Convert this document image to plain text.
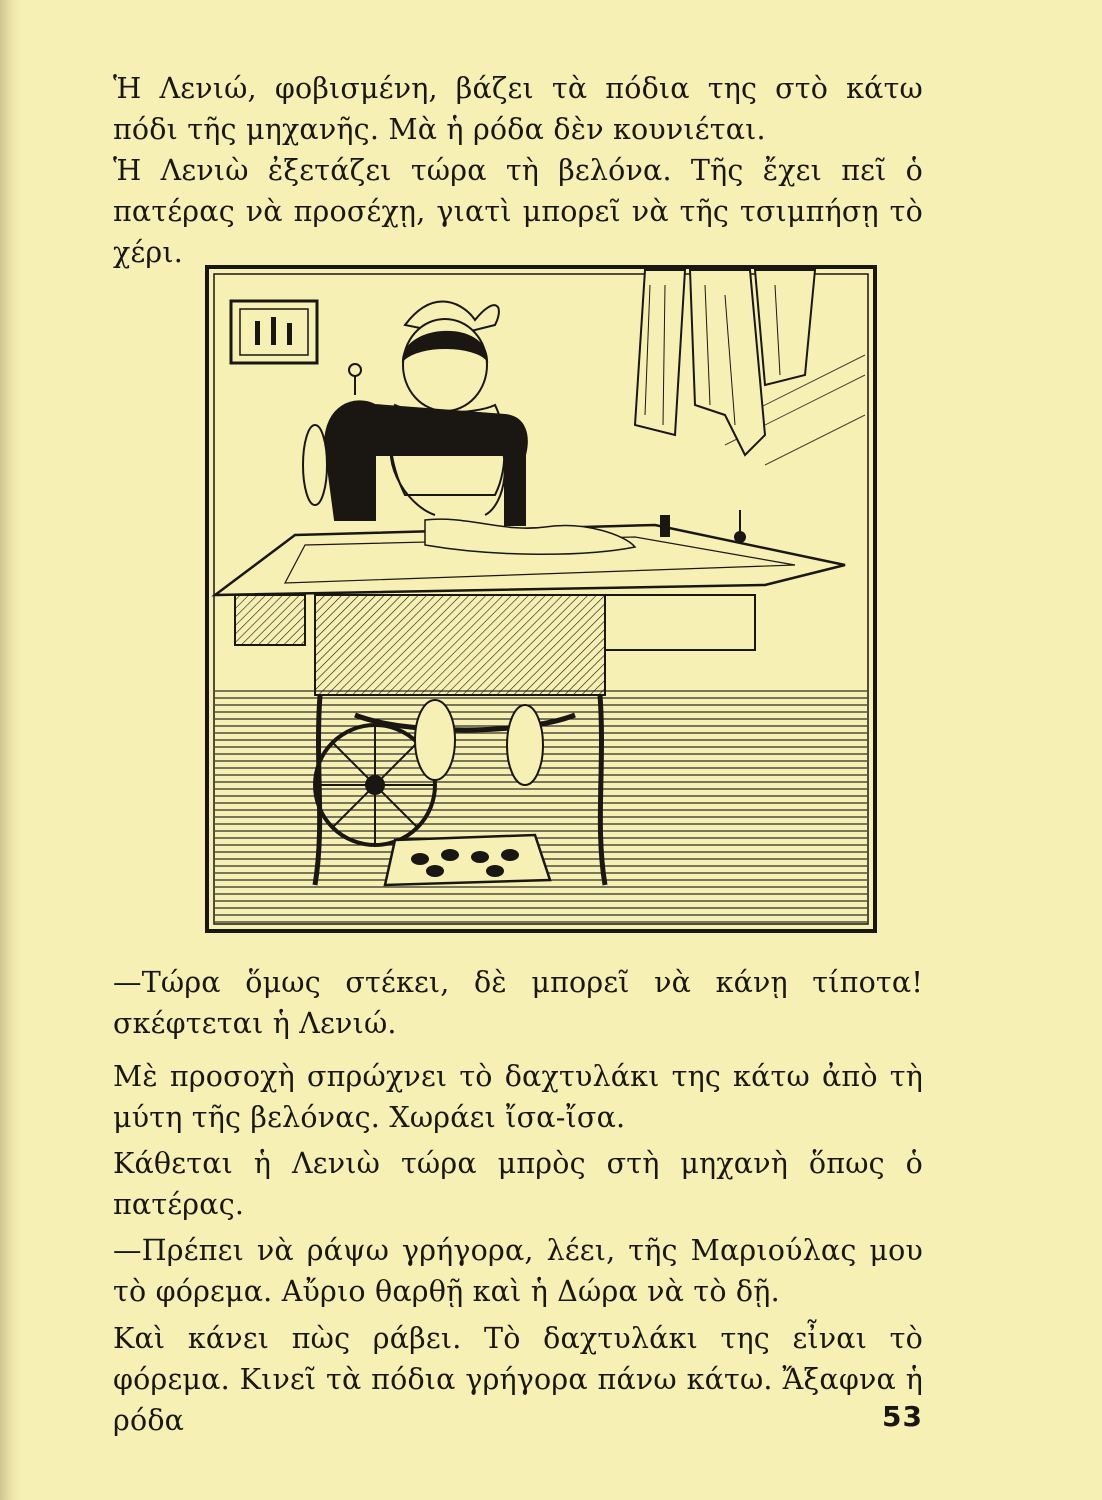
Ἡ Λενιώ, φοβισμένη, βάζει τὰ πόδια της στὸ κάτω πόδι τῆς μηχανῆς. Μὰ ἡ ρόδα δὲν κουνιέται.

Ἡ Λενιὼ ἐξετάζει τώρα τὴ βελόνα. Τῆς ἔχει πεῖ ὁ πατέρας νὰ προσέχῃ, γιατὶ μπορεῖ νὰ τῆς τσιμπήσῃ τὸ χέρι.

—Τώρα ὅμως στέκει, δὲ μπορεῖ νὰ κάνῃ τίποτα! σκέφτεται ἡ Λενιώ.

Μὲ προσοχὴ σπρώχνει τὸ δαχτυλάκι της κάτω ἀπὸ τὴ μύτη τῆς βελόνας. Χωράει ἴσα-ἴσα.

Κάθεται ἡ Λενιὼ τώρα μπρὸς στὴ μηχανὴ ὅπως ὁ πατέρας.

—Πρέπει νὰ ράψω γρήγορα, λέει, τῆς Μαριούλας μου τὸ φόρεμα. Αὔριο θαρθῇ καὶ ἡ Δώρα νὰ τὸ δῇ.

Καὶ κάνει πὼς ράβει. Τὸ δαχτυλάκι της εἶναι τὸ φόρεμα. Κινεῖ τὰ πόδια γρήγορα πάνω κάτω. Ἄξαφνα ἡ ρόδα	53
